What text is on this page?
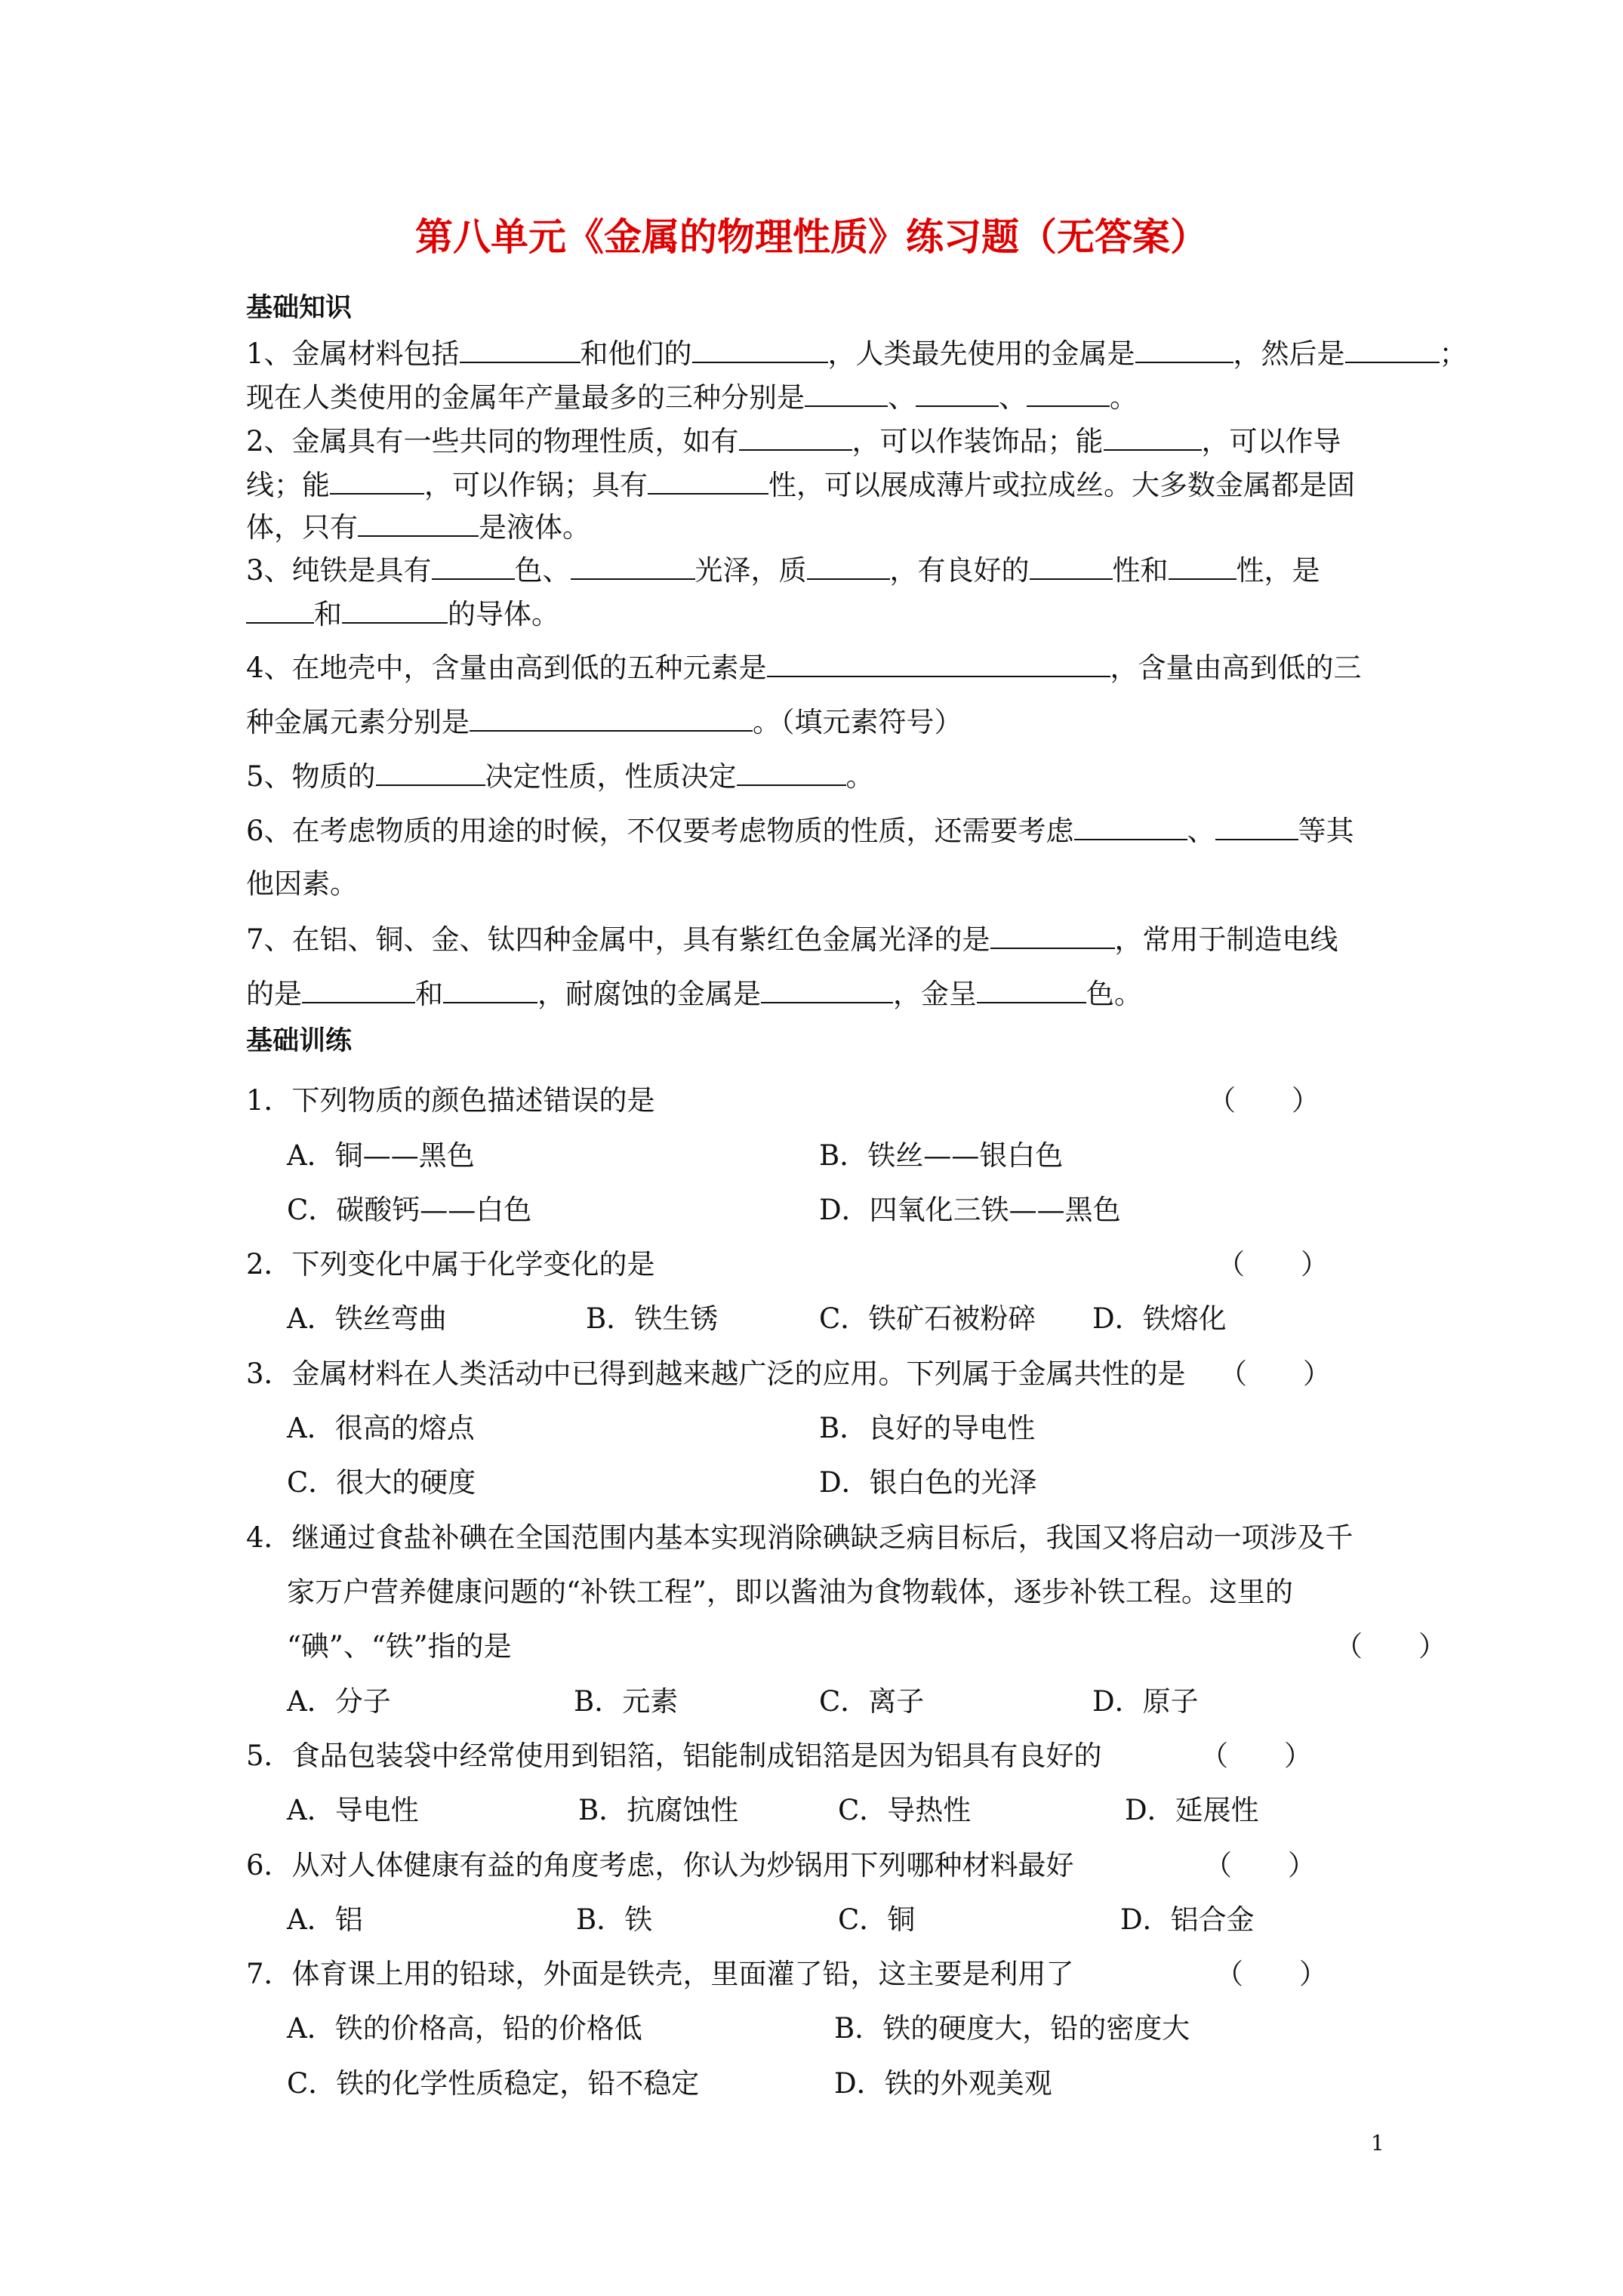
第八单元《金属的物理性质》练习题（无答案）
基础知识
1、金属材料包括	和他们的	，人类最先使用的金属是	，然后是	；
现在人类使用的金属年产量最多的三种分别是	、	、	。
2、金属具有一些共同的物理性质，如有	，可以作装饰品；能	，可以作导
线；能	，可以作锅；具有	性，可以展成薄片或拉成丝。大多数金属都是固
体，只有	是液体。
3、纯铁是具有	色、	光泽，质	，有良好的	性和 性，是
和	的导体。
4、在地壳中，含量由高到低的五种元素是	，含量由高到低的三
种金属元素分别是	。（填元素符号）
5、物质的	决定性质，性质决定	。
6、在考虑物质的用途的时候，不仅要考虑物质的性质，还需要考虑	、	等其
他因素。
7、在铝、铜、金、钛四种金属中，具有紫红色金属光泽的是	，常用于制造电线
的是	和	，耐腐蚀的金属是	，金呈	色。
基础训练
1．下列物质的颜色描述错误的是	（　　）
A．铜——黑色	B．铁丝——银白色
C．碳酸钙——白色	D．四氧化三铁——黑色
2．下列变化中属于化学变化的是	（　　）
A．铁丝弯曲	B．铁生锈	C．铁矿石被粉碎 D．铁熔化
3．金属材料在人类活动中已得到越来越广泛的应用。下列属于金属共性的是 （　　）
A．很高的熔点	B．良好的导电性
C．很大的硬度	D．银白色的光泽
4．继通过食盐补碘在全国范围内基本实现消除碘缺乏病目标后，我国又将启动一项涉及千
家万户营养健康问题的“补铁工程”，即以酱油为食物载体，逐步补铁工程。这里的
“碘”、“铁”指的是	（　　）
A．分子	B．元素	C．离子	D．原子
5．食品包装袋中经常使用到铝箔，铝能制成铝箔是因为铝具有良好的	（　　）
A．导电性	B．抗腐蚀性	C．导热性	D．延展性
6．从对人体健康有益的角度考虑，你认为炒锅用下列哪种材料最好	（　　）
A．铝	B．铁	C．铜	D．铝合金
7．体育课上用的铅球，外面是铁壳，里面灌了铅，这主要是利用了	（　　）
A．铁的价格高，铅的价格低	B．铁的硬度大，铅的密度大
C．铁的化学性质稳定，铅不稳定	D．铁的外观美观
1
